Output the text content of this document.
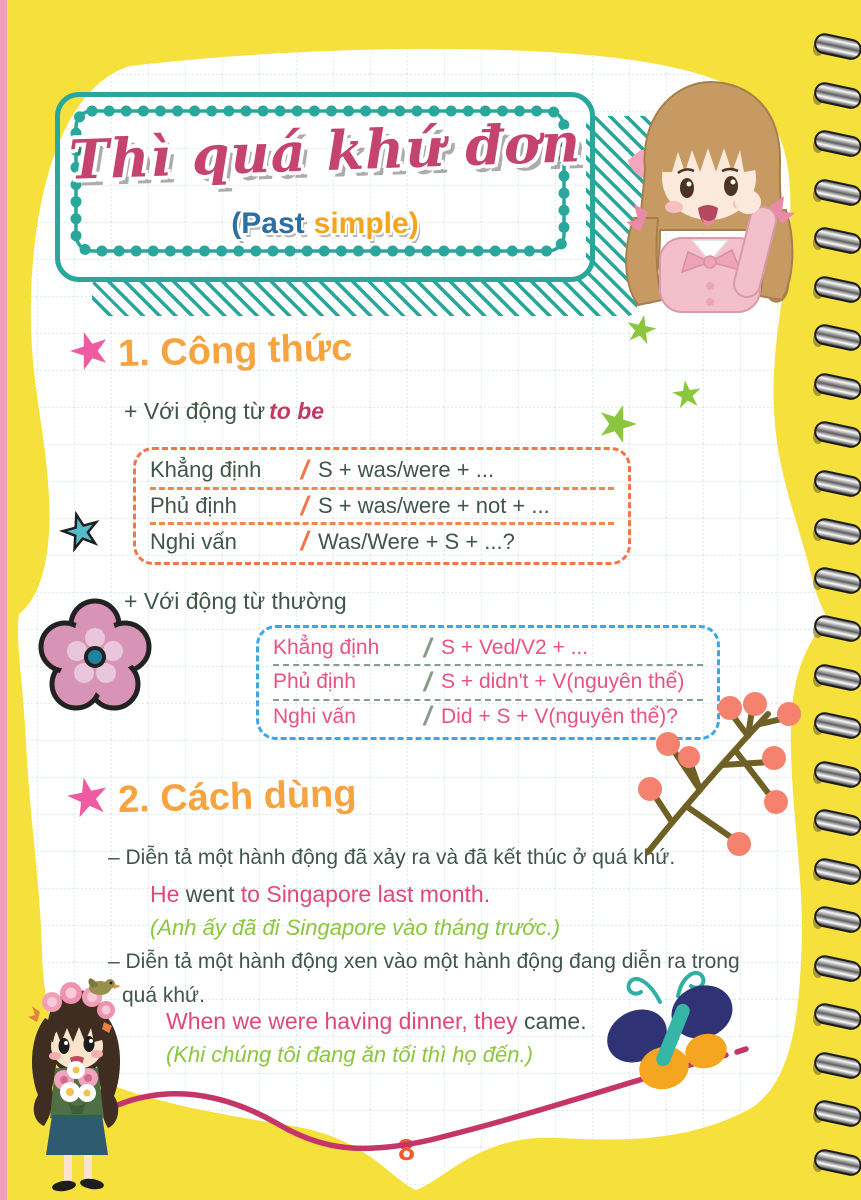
Thì quá khứ đơn
(Past simple)
1. Công thức
+ Với động từ to be
Khẳng định	/ S + was/were + ...
Phủ định	/ S + was/were + not + ...
Nghi vấn	/ Was/Were + S + ...?
+ Với động từ thường
Khẳng định	/ S + Ved/V2 + ...
Phủ định	/ S + didn't + V(nguyên thể)
Nghi vấn	/ Did + S + V(nguyên thể)?
2. Cách dùng
– Diễn tả một hành động đã xảy ra và đã kết thúc ở quá khứ.
He went to Singapore last month.
(Anh ấy đã đi Singapore vào tháng trước.)
– Diễn tả một hành động xen vào một hành động đang diễn ra trong
quá khứ.
When we were having dinner, they came.
(Khi chúng tôi đang ăn tối thì họ đến.)
8
